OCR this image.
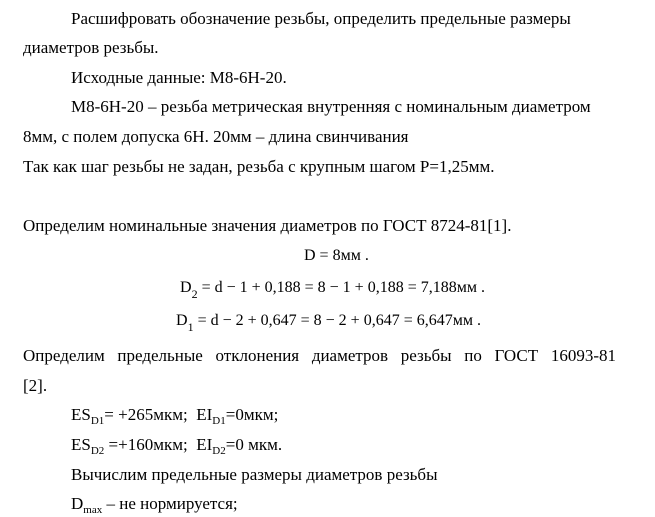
Расшифровать обозначение резьбы, определить предельные размеры
диаметров резьбы.
Исходные данные: М8-6Н-20.
М8-6Н-20 – резьба метрическая внутренняя с номинальным диаметром
8мм, с полем допуска 6Н. 20мм – длина свинчивания
Так как шаг резьбы не задан, резьба с крупным шагом Р=1,25мм.
Определим номинальные значения диаметров по ГОСТ 8724-81[1].
D = 8мм .
$D_2 = d - 1 + 0,188 = 8 - 1 + 0,188 = 7,188мм$ .
$D_1 = d - 2 + 0,647 = 8 - 2 + 0,647 = 6,647мм$ .
Определим предельные отклонения диаметров резьбы по ГОСТ 16093-81
[2].
$ES_{D1}= +265мкм$; $EI_{D1}=0мкм$;
$ES_{D2} =+160мкм$; $EI_{D2}=0$ мкм.
Вычислим предельные размеры диаметров резьбы
$D_{max}$ – не нормируется;
